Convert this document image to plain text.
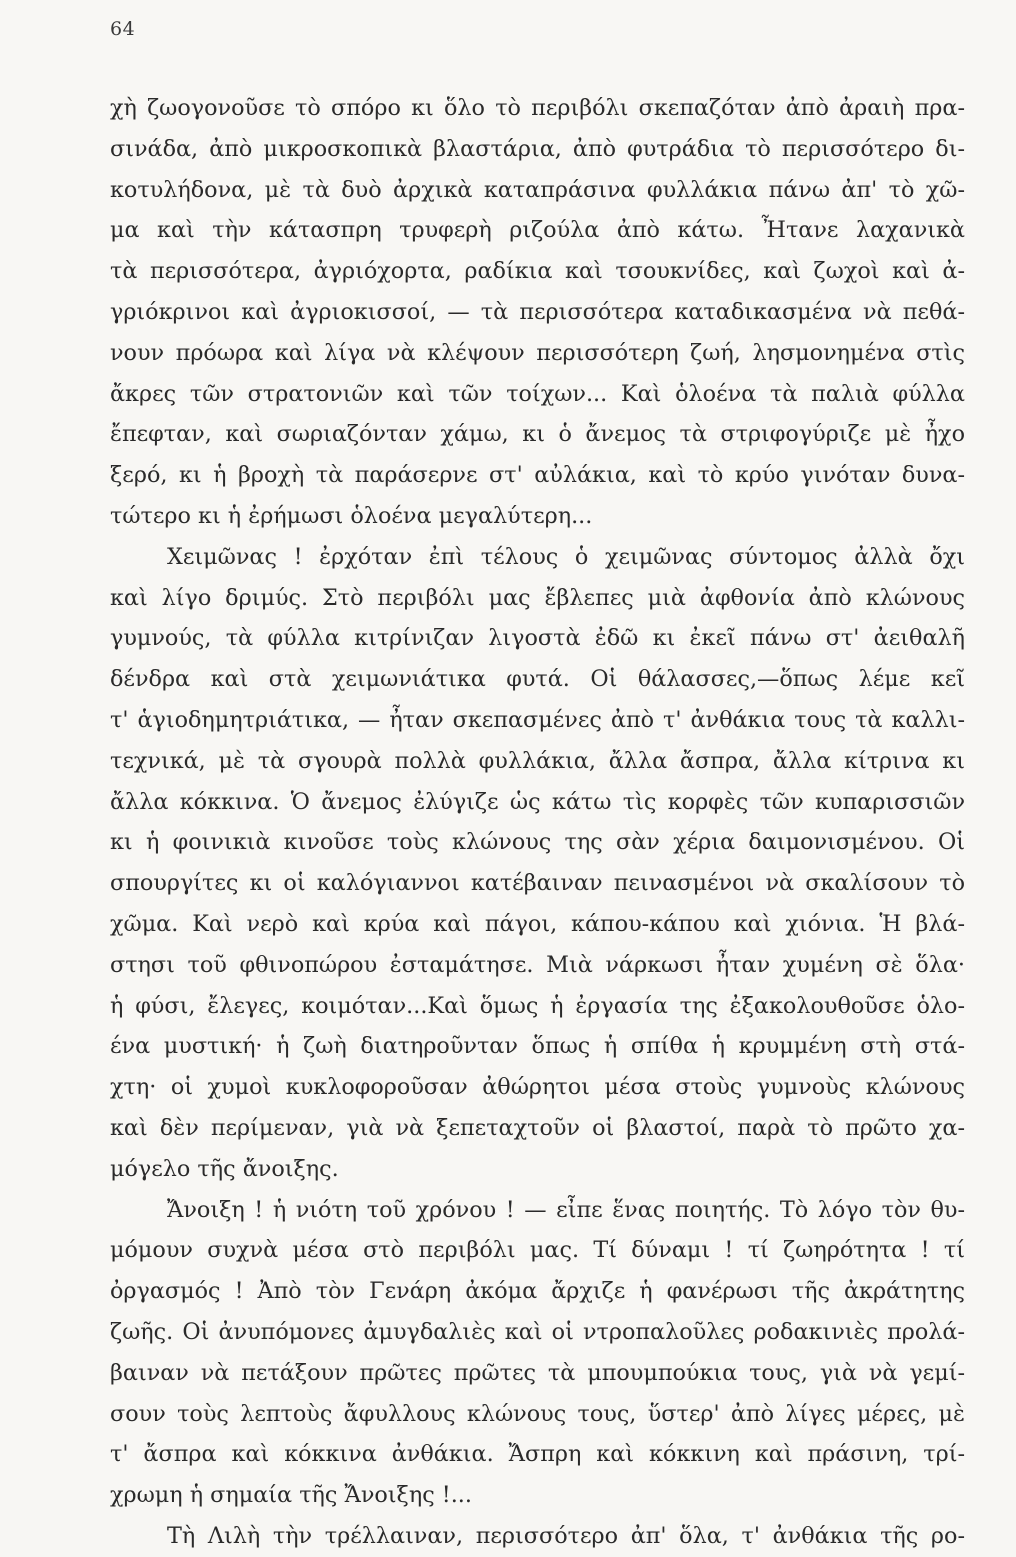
64
χὴ ζωογονοῦσε τὸ σπόρο κι ὅλο τὸ περιβόλι σκεπαζόταν ἀπὸ ἀραιὴ πρα-
σινάδα, ἀπὸ μικροσκοπικὰ βλαστάρια, ἀπὸ φυτράδια τὸ περισσότερο δι-
κοτυλήδονα, μὲ τὰ δυὸ ἀρχικὰ καταπράσινα φυλλάκια πάνω ἀπ' τὸ χῶ-
μα καὶ τὴν κάτασπρη τρυφερὴ ριζούλα ἀπὸ κάτω. Ἦτανε λαχανικὰ
τὰ περισσότερα, ἀγριόχορτα, ραδίκια καὶ τσουκνίδες, καὶ ζωχοὶ καὶ ἀ-
γριόκρινοι καὶ ἀγριοκισσοί, — τὰ περισσότερα καταδικασμένα νὰ πεθά-
νουν πρόωρα καὶ λίγα νὰ κλέψουν περισσότερη ζωή, λησμονημένα στὶς
ἄκρες τῶν στρατονιῶν καὶ τῶν τοίχων... Καὶ ὁλοένα τὰ παλιὰ φύλλα
ἔπεφταν, καὶ σωριαζόνταν χάμω, κι ὁ ἄνεμος τὰ στριφογύριζε μὲ ἦχο
ξερό, κι ἡ βροχὴ τὰ παράσερνε στ' αὐλάκια, καὶ τὸ κρύο γινόταν δυνα-
τώτερο κι ἡ ἐρήμωσι ὁλοένα μεγαλύτερη...
Χειμῶνας ! ἐρχόταν ἐπὶ τέλους ὁ χειμῶνας σύντομος ἀλλὰ ὄχι
καὶ λίγο δριμύς. Στὸ περιβόλι μας ἔβλεπες μιὰ ἀφθονία ἀπὸ κλώνους
γυμνούς, τὰ φύλλα κιτρίνιζαν λιγοστὰ ἐδῶ κι ἐκεῖ πάνω στ' ἀειθαλῆ
δένδρα καὶ στὰ χειμωνιάτικα φυτά. Οἱ θάλασσες,—ὅπως λέμε κεῖ
τ' ἁγιοδημητριάτικα, — ἦταν σκεπασμένες ἀπὸ τ' ἀνθάκια τους τὰ καλλι-
τεχνικά, μὲ τὰ σγουρὰ πολλὰ φυλλάκια, ἄλλα ἄσπρα, ἄλλα κίτρινα κι
ἄλλα κόκκινα. Ὁ ἄνεμος ἐλύγιζε ὡς κάτω τὶς κορφὲς τῶν κυπαρισσιῶν
κι ἡ φοινικιὰ κινοῦσε τοὺς κλώνους της σὰν χέρια δαιμονισμένου. Οἱ
σπουργίτες κι οἱ καλόγιαννοι κατέβαιναν πεινασμένοι νὰ σκαλίσουν τὸ
χῶμα. Καὶ νερὸ καὶ κρύα καὶ πάγοι, κάπου-κάπου καὶ χιόνια. Ἡ βλά-
στησι τοῦ φθινοπώρου ἐσταμάτησε. Μιὰ νάρκωσι ἦταν χυμένη σὲ ὅλα·
ἡ φύσι, ἔλεγες, κοιμόταν...Καὶ ὅμως ἡ ἐργασία της ἐξακολουθοῦσε ὁλο-
ένα μυστική· ἡ ζωὴ διατηροῦνταν ὅπως ἡ σπίθα ἡ κρυμμένη στὴ στά-
χτη· οἱ χυμοὶ κυκλοφοροῦσαν ἀθώρητοι μέσα στοὺς γυμνοὺς κλώνους
καὶ δὲν περίμεναν, γιὰ νὰ ξεπεταχτοῦν οἱ βλαστοί, παρὰ τὸ πρῶτο χα-
μόγελο τῆς ἄνοιξης.
Ἄνοιξη ! ἡ νιότη τοῦ χρόνου ! — εἶπε ἕνας ποιητής. Τὸ λόγο τὸν θυ-
μόμουν συχνὰ μέσα στὸ περιβόλι μας. Τί δύναμι ! τί ζωηρότητα ! τί
ὀργασμός ! Ἀπὸ τὸν Γενάρη ἀκόμα ἄρχιζε ἡ φανέρωσι τῆς ἀκράτητης
ζωῆς. Οἱ ἀνυπόμονες ἀμυγδαλιὲς καὶ οἱ ντροπαλοῦλες ροδακινιὲς προλά-
βαιναν νὰ πετάξουν πρῶτες πρῶτες τὰ μπουμπούκια τους, γιὰ νὰ γεμί-
σουν τοὺς λεπτοὺς ἄφυλλους κλώνους τους, ὕστερ' ἀπὸ λίγες μέρες, μὲ
τ' ἄσπρα καὶ κόκκινα ἀνθάκια. Ἄσπρη καὶ κόκκινη καὶ πράσινη, τρί-
χρωμη ἡ σημαία τῆς Ἄνοιξης !...
Τὴ Λιλὴ τὴν τρέλλαιναν, περισσότερο ἀπ' ὅλα, τ' ἀνθάκια τῆς ρο-
